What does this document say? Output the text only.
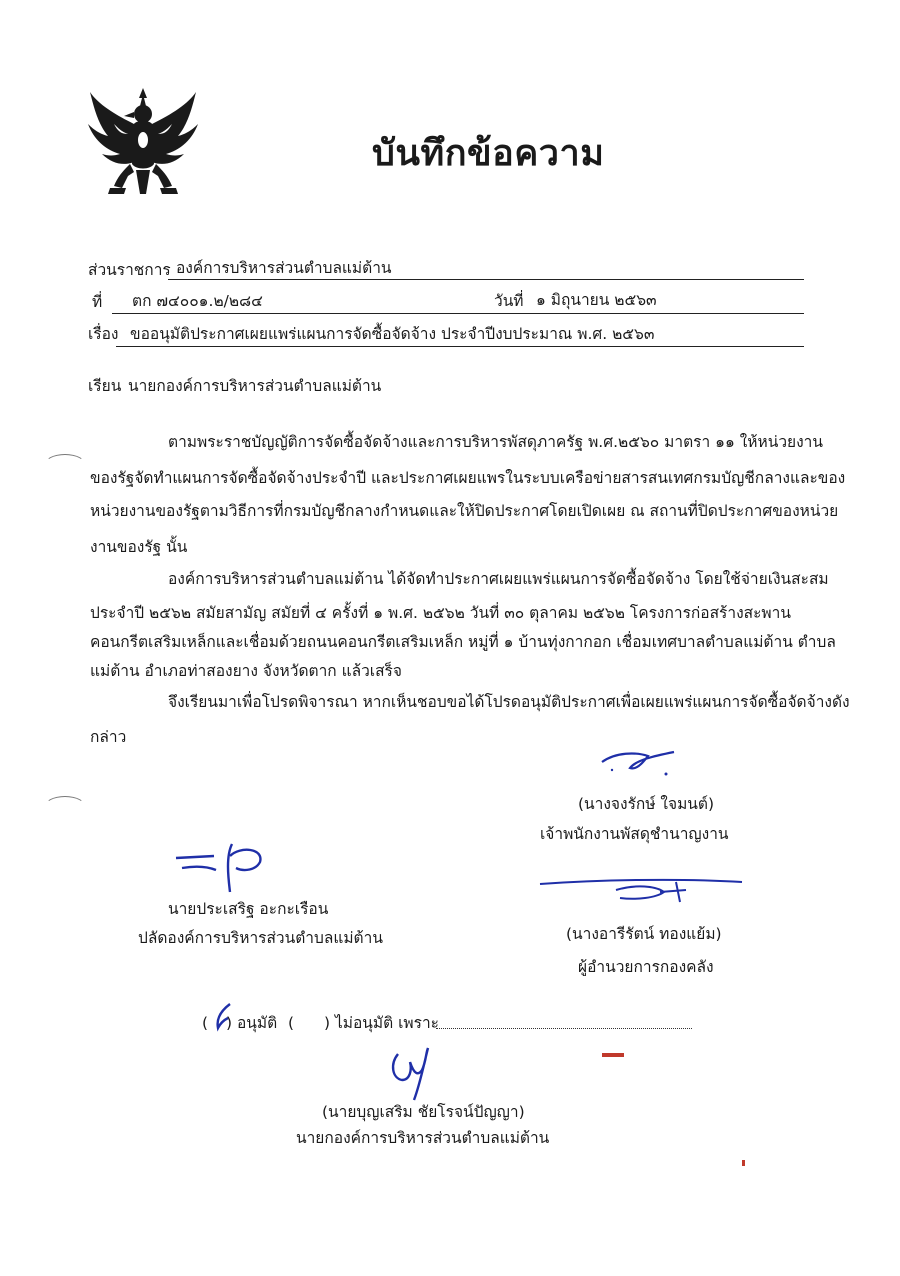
บันทึกข้อความ
ส่วนราชการ องค์การบริหารส่วนตำบลแม่ต้าน
ที่ ตก ๗๔๐๐๑.๒/๒๘๔	วันที่ ๑ มิถุนายน ๒๕๖๓
เรื่อง ขออนุมัติประกาศเผยแพร่แผนการจัดซื้อจัดจ้าง ประจำปีงบประมาณ พ.ศ. ๒๕๖๓
เรียน นายกองค์การบริหารส่วนตำบลแม่ต้าน
ตามพระราชบัญญัติการจัดซื้อจัดจ้างและการบริหารพัสดุภาครัฐ พ.ศ.๒๕๖๐ มาตรา ๑๑ ให้หน่วยงาน
ของรัฐจัดทำแผนการจัดซื้อจัดจ้างประจำปี และประกาศเผยแพรในระบบเครือข่ายสารสนเทศกรมบัญชีกลางและของ
หน่วยงานของรัฐตามวิธีการที่กรมบัญชีกลางกำหนดและให้ปิดประกาศโดยเปิดเผย ณ สถานที่ปิดประกาศของหน่วย
งานของรัฐ นั้น
องค์การบริหารส่วนตำบลแม่ต้าน ได้จัดทำประกาศเผยแพร่แผนการจัดซื้อจัดจ้าง โดยใช้จ่ายเงินสะสม
ประจำปี ๒๕๖๒ สมัยสามัญ สมัยที่ ๔ ครั้งที่ ๑ พ.ศ. ๒๕๖๒ วันที่ ๓๐ ตุลาคม ๒๕๖๒ โครงการก่อสร้างสะพาน
คอนกรีตเสริมเหล็กและเชื่อมด้วยถนนคอนกรีตเสริมเหล็ก หมู่ที่ ๑ บ้านทุ่งกากอก เชื่อมเทศบาลตำบลแม่ต้าน ตำบล
แม่ต้าน อำเภอท่าสองยาง จังหวัดตาก แล้วเสร็จ
จึงเรียนมาเพื่อโปรดพิจารณา หากเห็นชอบขอได้โปรดอนุมัติประกาศเพื่อเผยแพร่แผนการจัดซื้อจัดจ้างดัง
กล่าว
(นางจงรักษ์ ใจมนต์)
เจ้าพนักงานพัสดุชำนาญงาน
นายประเสริฐ อะกะเรือน
ปลัดองค์การบริหารส่วนตำบลแม่ต้าน	(นางอารีรัตน์ ทองแย้ม)
ผู้อำนวยการกองคลัง
( ) อนุมัติ ( ) ไม่อนุมัติ เพราะ
(นายบุญเสริม ชัยโรจน์ปัญญา)
นายกองค์การบริหารส่วนตำบลแม่ต้าน
